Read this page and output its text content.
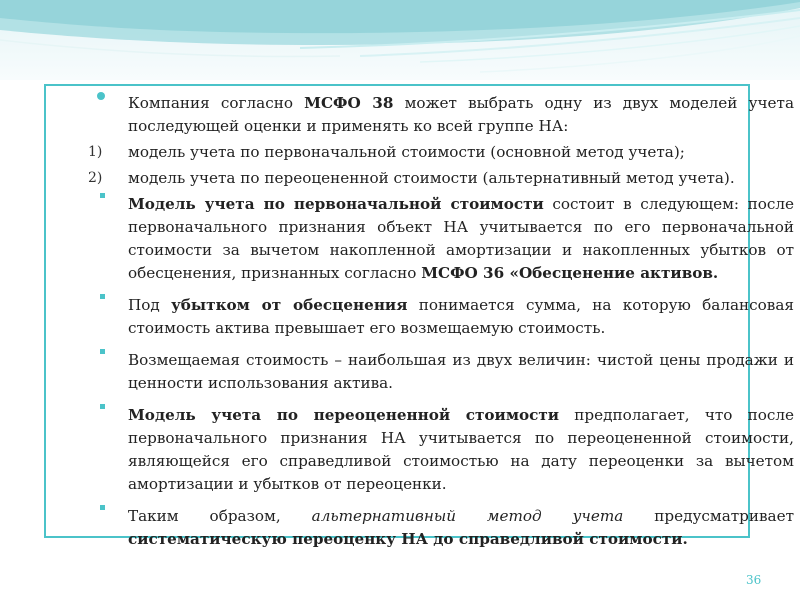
Компания согласно МСФО 38 может выбрать одну из двух моделей учета последующей оценки и применять ко всей группе НА:
1) модель учета по первоначальной стоимости (основной метод учета);
2) модель учета по переоцененной стоимости (альтернативный метод учета).
Модель учета по первоначальной стоимости состоит в следующем: после первоначального признания объект НА учитывается по его первоначальной стоимости за вычетом накопленной амортизации и накопленных убытков от обесценения, признанных согласно МСФО 36 «Обесценение активов.
Под убытком от обесценения понимается сумма, на которую балансовая стоимость актива превышает его возмещаемую стоимость.
Возмещаемая стоимость – наибольшая из двух величин: чистой цены продажи и ценности использования актива.
Модель учета по переоцененной стоимости предполагает, что после первоначального признания НА учитывается по переоцененной стоимости, являющейся его справедливой стоимостью на дату переоценки за вычетом амортизации и убытков от переоценки.
Таким образом, альтернативный метод учета предусматривает систематическую переоценку НА до справедливой стоимости.
36
